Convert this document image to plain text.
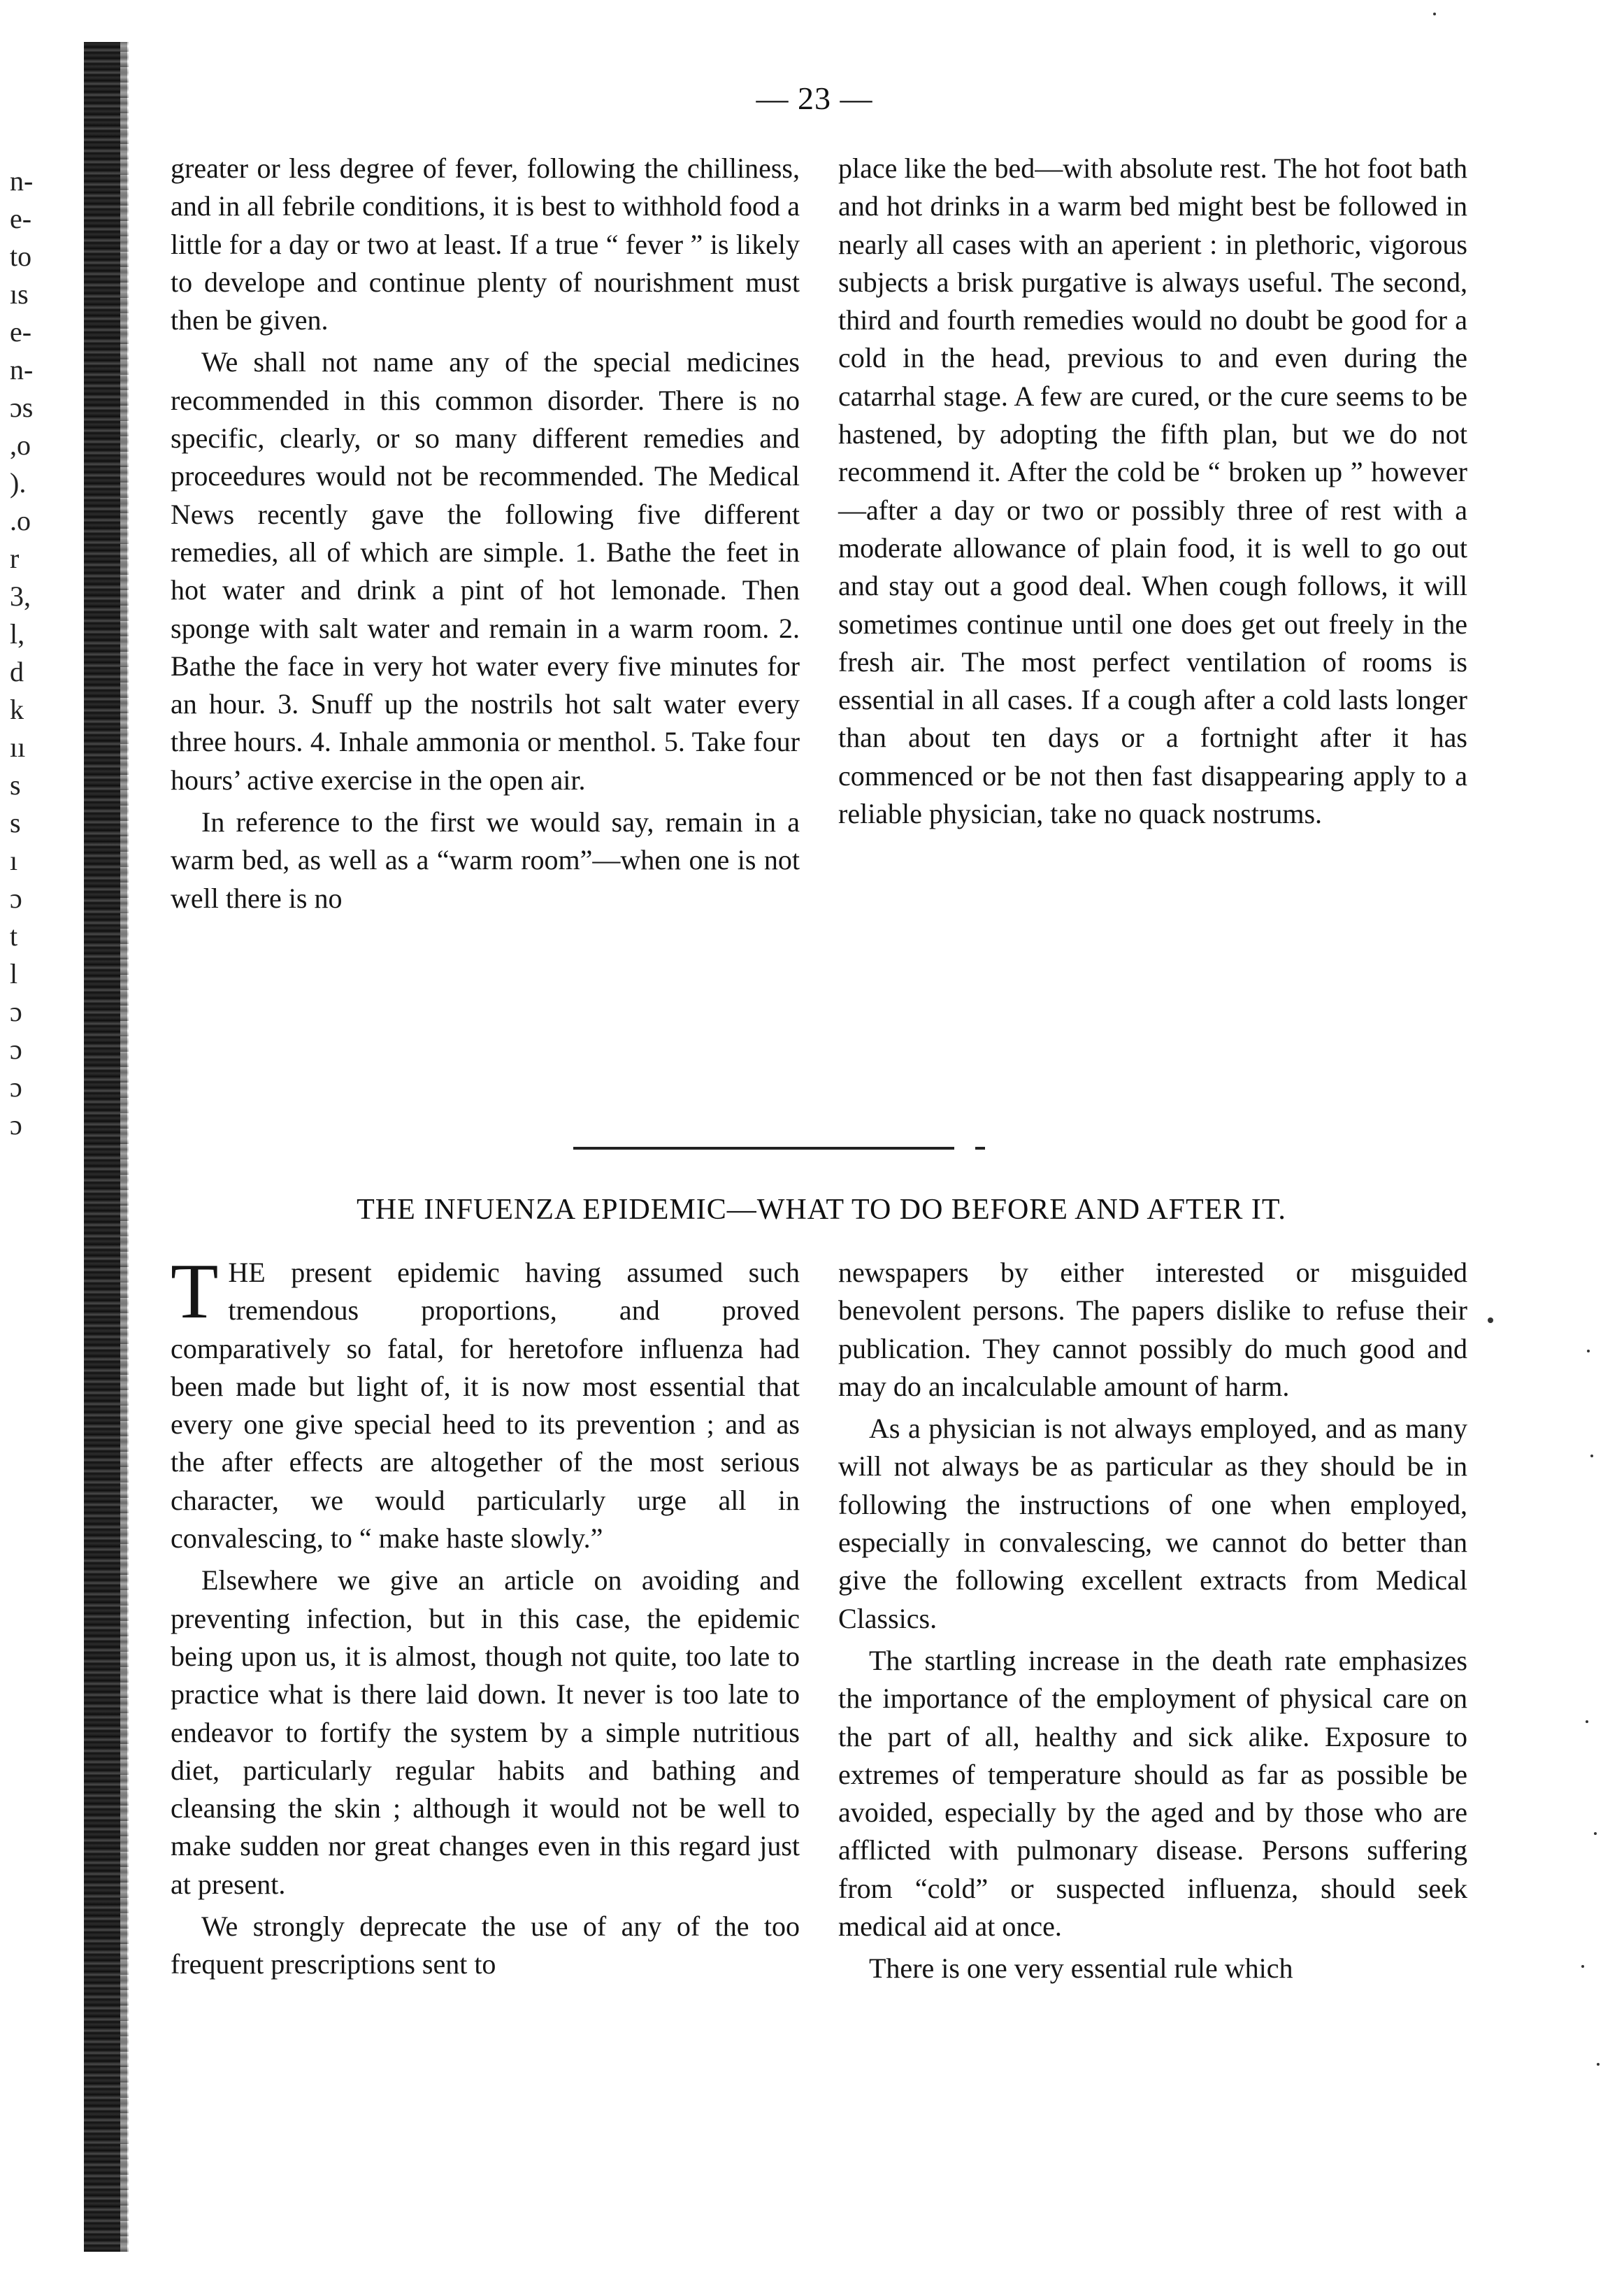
n-
e-
to
ıs
e-
n-
ɔs
,o
).
.o
r
3,
l,
d
k
ıı
s
s
ı
ɔ
t
l
ɔ
ɔ
ɔ
ɔ
— 23 —

greater or less degree of fever, following the chilliness, and in all febrile conditions, it is best to withhold food a little for a day or two at least. If a true “ fever ” is likely to develope and continue plenty of nourishment must then be given.

We shall not name any of the special medicines recommended in this common disorder. There is no specific, clearly, or so many different remedies and proceedures would not be recommended. The Medical News recently gave the following five different remedies, all of which are simple. 1. Bathe the feet in hot water and drink a pint of hot lemonade. Then sponge with salt water and remain in a warm room. 2. Bathe the face in very hot water every five minutes for an hour. 3. Snuff up the nostrils hot salt water every three hours. 4. Inhale ammonia or menthol. 5. Take four hours’ active exercise in the open air.

In reference to the first we would say, remain in a warm bed, as well as a “warm room”—when one is not well there is no

place like the bed—with absolute rest. The hot foot bath and hot drinks in a warm bed might best be followed in nearly all cases with an aperient : in plethoric, vigorous subjects a brisk purgative is always useful. The second, third and fourth remedies would no doubt be good for a cold in the head, previous to and even during the catarrhal stage. A few are cured, or the cure seems to be hastened, by adopting the fifth plan, but we do not recommend it. After the cold be “ broken up ” however—after a day or two or possibly three of rest with a moderate allowance of plain food, it is well to go out and stay out a good deal. When cough follows, it will sometimes continue until one does get out freely in the fresh air. The most perfect ventilation of rooms is essential in all cases. If a cough after a cold lasts longer than about ten days or a fortnight after it has commenced or be not then fast disappearing apply to a reliable physician, take no quack nostrums.

THE INFUENZA EPIDEMIC—WHAT TO DO BEFORE AND AFTER IT.

THE present epidemic having assumed such tremendous proportions, and proved comparatively so fatal, for heretofore influenza had been made but light of, it is now most essential that every one give special heed to its prevention ; and as the after effects are altogether of the most serious character, we would particularly urge all in convalescing, to “ make haste slowly.”

Elsewhere we give an article on avoiding and preventing infection, but in this case, the epidemic being upon us, it is almost, though not quite, too late to practice what is there laid down. It never is too late to endeavor to fortify the system by a simple nutritious diet, particularly regular habits and bathing and cleansing the skin ; although it would not be well to make sudden nor great changes even in this regard just at present.

We strongly deprecate the use of any of the too frequent prescriptions sent to

newspapers by either interested or misguided benevolent persons. The papers dislike to refuse their publication. They cannot possibly do much good and may do an incalculable amount of harm.

As a physician is not always employed, and as many will not always be as particular as they should be in following the instructions of one when employed, especially in convalescing, we cannot do better than give the following excellent extracts from Medical Classics.

The startling increase in the death rate emphasizes the importance of the employment of physical care on the part of all, healthy and sick alike. Exposure to extremes of temperature should as far as possible be avoided, especially by the aged and by those who are afflicted with pulmonary disease. Persons suffering from “cold” or suspected influenza, should seek medical aid at once.

There is one very essential rule which
